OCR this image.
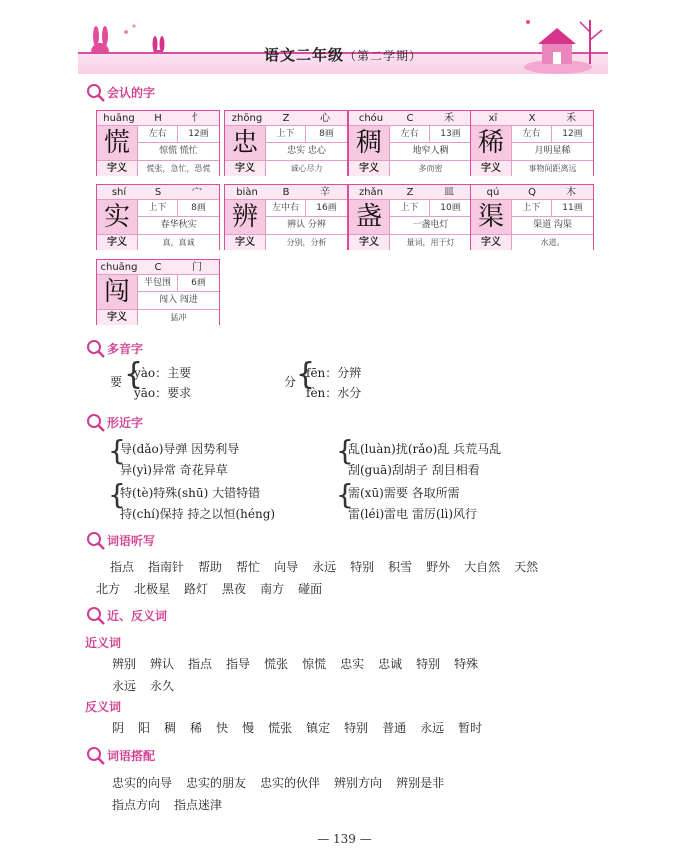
语文二年级（第二学期）
会认的字
huāng	H	忄
慌	左右	12画
惊慌 慌忙
字义	慌张，急忙，恐慌
zhōng	Z	心
忠	上下	8画
忠实 忠心
字义	诚心尽力
chóu	C	禾
稠	左右	13画
地窄人稠
字义	多而密
xī	X	禾
稀	左右	12画
月明星稀
字义	事物间距离远
shí	S	宀
实	上下	8画
春华秋实
字义	真，真诚
biàn	B	辛
辨	左中右	16画
辨认 分辨
字义	分别，分析
zhǎn	Z	皿
盏	上下	10画
一盏电灯
字义	量词，用于灯
qú	Q	木
渠	上下	11画
渠道 沟渠
字义	水道。
chuǎng	C	门
闯	半包围	6画
闯入 闯进
字义	猛冲
多音字
要 {
yào：主要
yāo：要求
分 {
fēn：分辨
fèn：水分
形近字
{
导(dǎo)导弹 因势利导
异(yì)异常 奇花异草
{
乱(luàn)扰(rǎo)乱 兵荒马乱
刮(guā)刮胡子 刮目相看
{
特(tè)特殊(shū) 大错特错
持(chí)保持 持之以恒(héng)
{
需(xū)需要 各取所需
雷(léi)雷电 雷厉(lì)风行
词语听写
指点 指南针 帮助 帮忙 向导 永远 特别 积雪 野外 大自然 天然
北方 北极星 路灯 黑夜 南方 碰面
近、反义词
近义词
辨别 辨认 指点 指导 慌张 惊慌 忠实 忠诚 特别 特殊
永远 永久
反义词
阴 阳 稠 稀 快 慢 慌张 镇定 特别 普通 永远 暂时
词语搭配
忠实的向导 忠实的朋友 忠实的伙伴 辨别方向 辨别是非
指点方向 指点迷津
— 139 —
